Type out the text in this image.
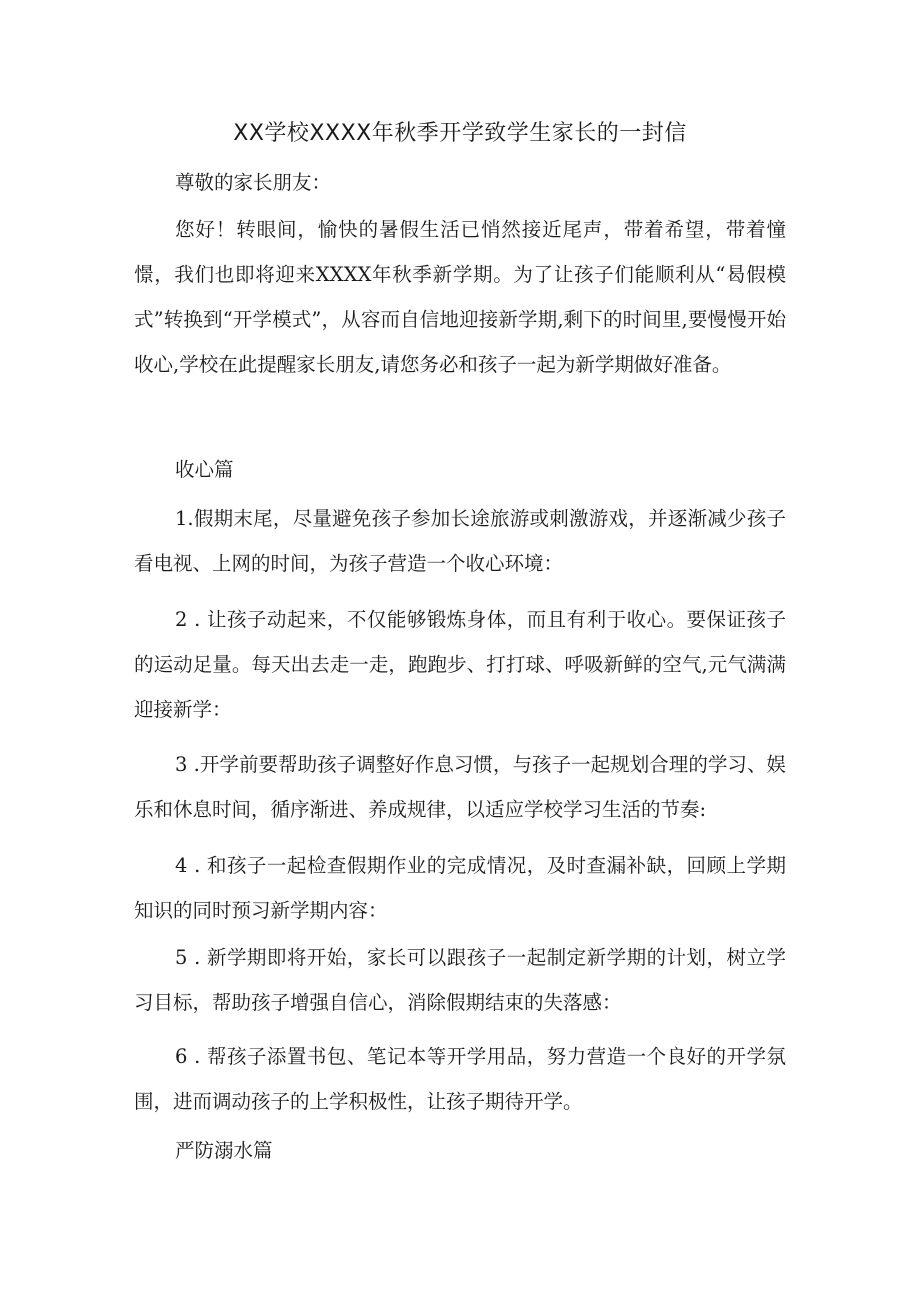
XX学校XXXX年秋季开学致学生家长的一封信

尊敬的家长朋友：

您好！转眼间，愉快的暑假生活已悄然接近尾声，带着希望，带着憧憬，我们也即将迎来XXXX年秋季新学期。为了让孩子们能顺利从“曷假模式”转换到“开学模式”，从容而自信地迎接新学期,剩下的时间里,要慢慢开始收心,学校在此提醒家长朋友,请您务必和孩子一起为新学期做好准备。

收心篇

1.假期末尾，尽量避免孩子参加长途旅游或刺激游戏，并逐渐减少孩子看电视、上网的时间，为孩子营造一个收心环境：

2 . 让孩子动起来，不仅能够锻炼身体，而且有利于收心。要保证孩子的运动足量。每天出去走一走，跑跑步、打打球、呼吸新鲜的空气,元气满满迎接新学：

3 .开学前要帮助孩子调整好作息习惯，与孩子一起规划合理的学习、娱乐和休息时间，循序渐进、养成规律，以适应学校学习生活的节奏:

4 . 和孩子一起检查假期作业的完成情况，及时查漏补缺，回顾上学期知识的同时预习新学期内容：

5 . 新学期即将开始，家长可以跟孩子一起制定新学期的计划，树立学习目标，帮助孩子增强自信心，消除假期结束的失落感：

6 . 帮孩子添置书包、笔记本等开学用品，努力营造一个良好的开学氛围，进而调动孩子的上学积极性，让孩子期待开学。

严防溺水篇
